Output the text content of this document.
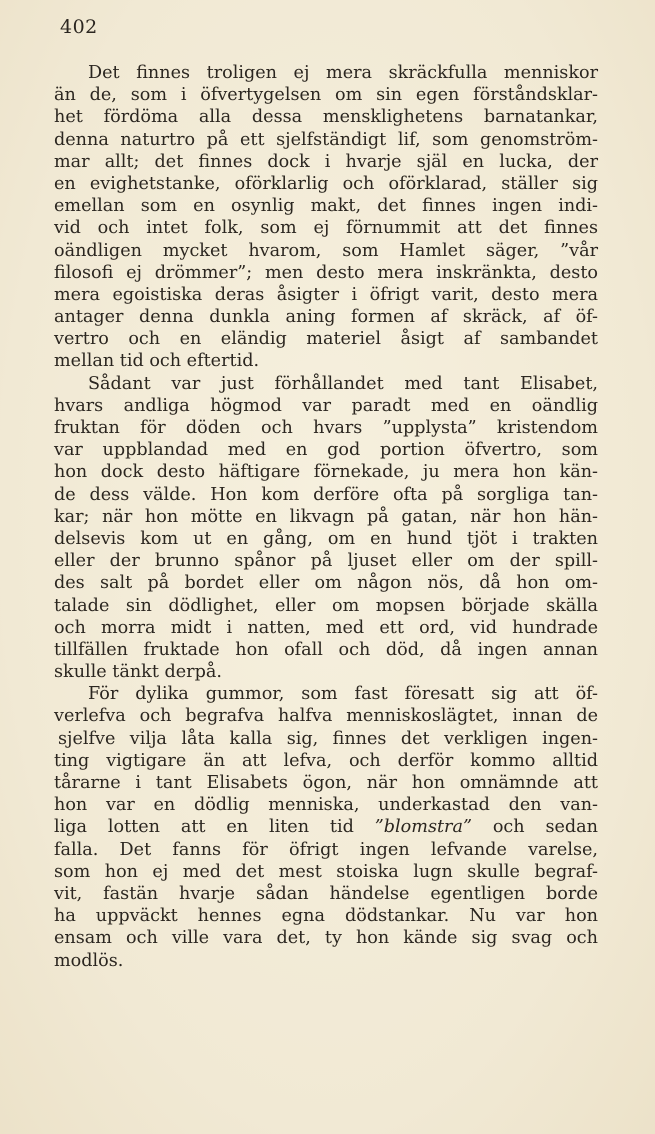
402
Det finnes troligen ej mera skräckfulla menniskor
än de, som i öfvertygelsen om sin egen förståndsklar-
het fördöma alla dessa mensklighetens barnatankar,
denna naturtro på ett sjelfständigt lif, som genomström-
mar allt; det finnes dock i hvarje själ en lucka, der
en evighetstanke, oförklarlig och oförklarad, ställer sig
emellan som en osynlig makt, det finnes ingen indi-
vid och intet folk, som ej förnummit att det finnes
oändligen mycket hvarom, som Hamlet säger, ”vår
filosofi ej drömmer”; men desto mera inskränkta, desto
mera egoistiska deras åsigter i öfrigt varit, desto mera
antager denna dunkla aning formen af skräck, af öf-
vertro och en eländig materiel åsigt af sambandet
mellan tid och eftertid.
Sådant var just förhållandet med tant Elisabet,
hvars andliga högmod var paradt med en oändlig
fruktan för döden och hvars ”upplysta” kristendom
var uppblandad med en god portion öfvertro, som
hon dock desto häftigare förnekade, ju mera hon kän-
de dess välde. Hon kom derföre ofta på sorgliga tan-
kar; när hon mötte en likvagn på gatan, när hon hän-
delsevis kom ut en gång, om en hund tjöt i trakten
eller der brunno spånor på ljuset eller om der spill-
des salt på bordet eller om någon nös, då hon om-
talade sin dödlighet, eller om mopsen började skälla
och morra midt i natten, med ett ord, vid hundrade
tillfällen fruktade hon ofall och död, då ingen annan
skulle tänkt derpå.
För dylika gummor, som fast föresatt sig att öf-
verlefva och begrafva halfva menniskoslägtet, innan de
sjelfve vilja låta kalla sig, finnes det verkligen ingen-
ting vigtigare än att lefva, och derför kommo alltid
tårarne i tant Elisabets ögon, när hon omnämnde att
hon var en dödlig menniska, underkastad den van-
liga lotten att en liten tid ”blomstra” och sedan
falla. Det fanns för öfrigt ingen lefvande varelse,
som hon ej med det mest stoiska lugn skulle begraf-
vit, fastän hvarje sådan händelse egentligen borde
ha uppväckt hennes egna dödstankar. Nu var hon
ensam och ville vara det, ty hon kände sig svag och
modlös.
